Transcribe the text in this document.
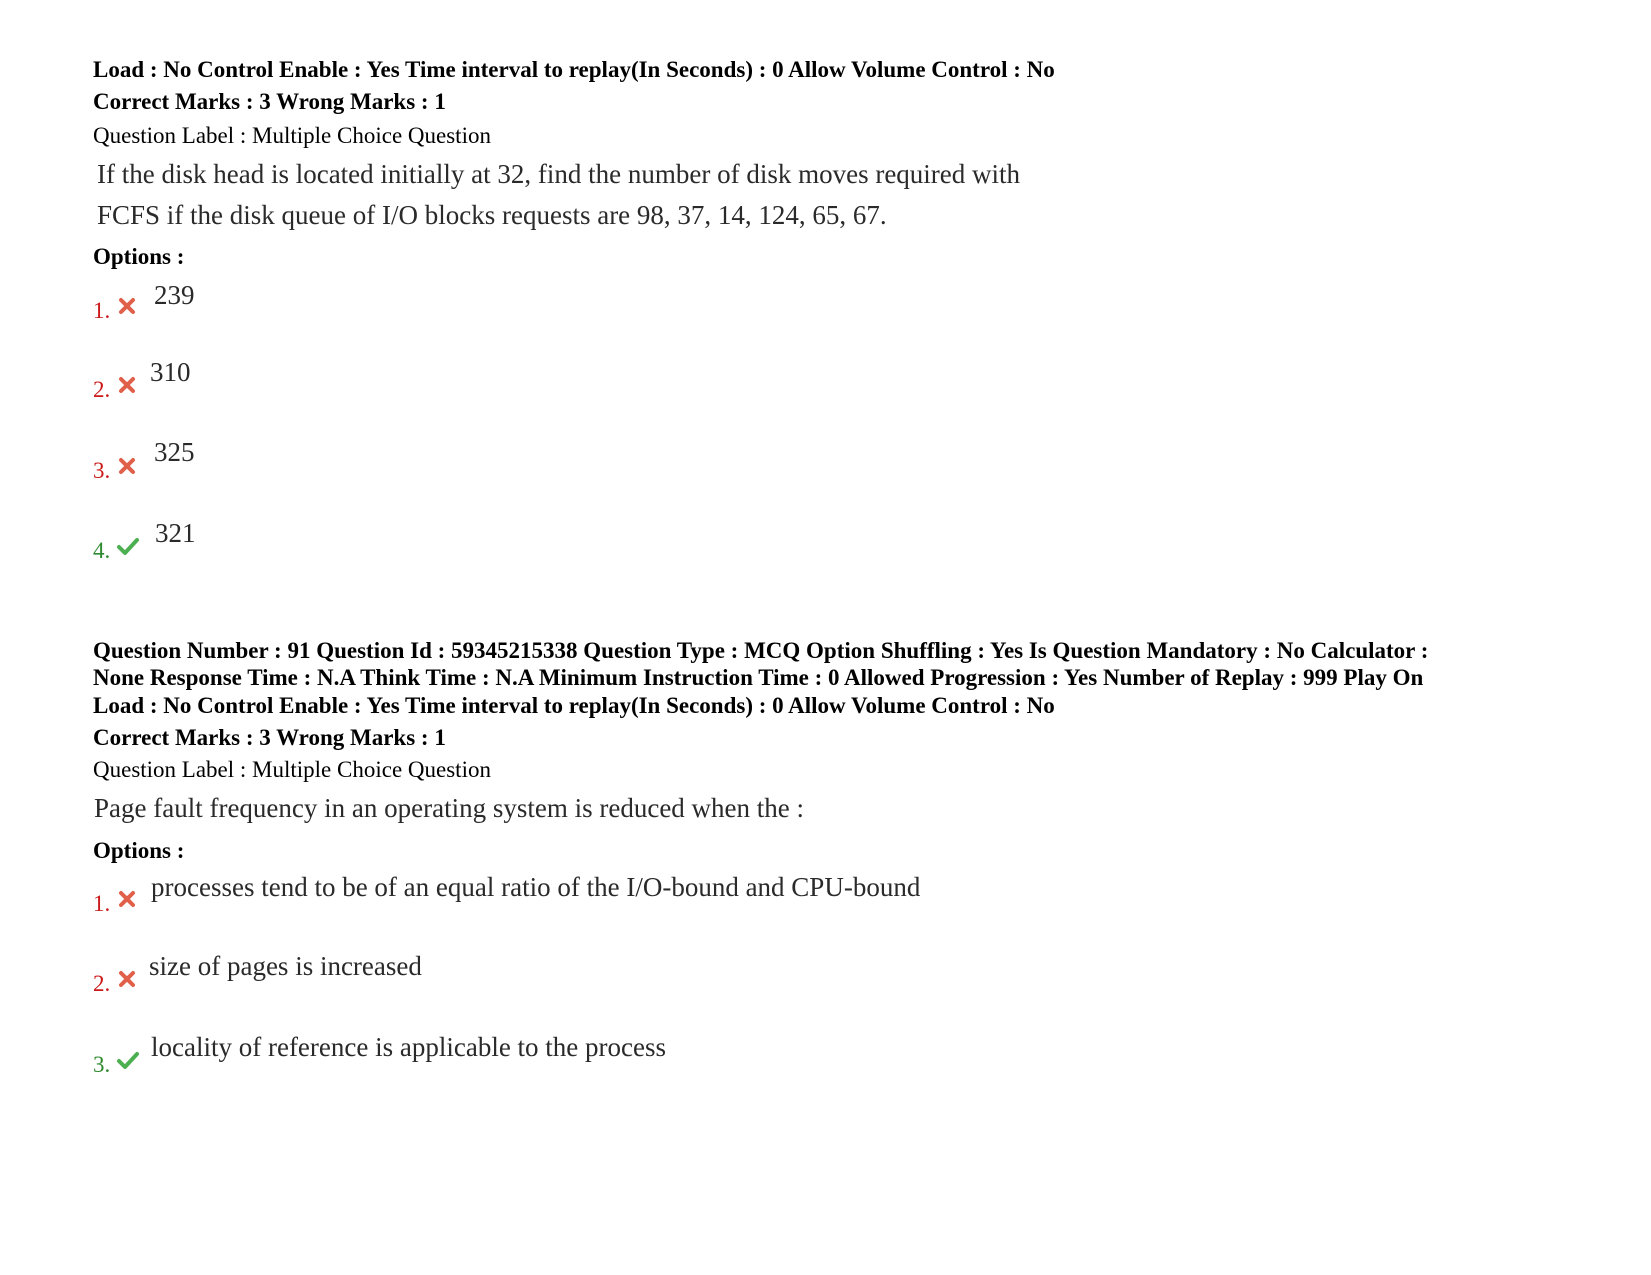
Load : No Control Enable : Yes Time interval to replay(In Seconds) : 0 Allow Volume Control : No
Correct Marks : 3 Wrong Marks : 1
Question Label : Multiple Choice Question
If the disk head is located initially at 32, find the number of disk moves required with
FCFS if the disk queue of I/O blocks requests are 98, 37, 14, 124, 65, 67.
Options :
1.
239
2.
310
3.
325
4.
321
Question Number : 91 Question Id : 59345215338 Question Type : MCQ Option Shuffling : Yes Is Question Mandatory : No Calculator :
None Response Time : N.A Think Time : N.A Minimum Instruction Time : 0 Allowed Progression : Yes Number of Replay : 999 Play On
Load : No Control Enable : Yes Time interval to replay(In Seconds) : 0 Allow Volume Control : No
Correct Marks : 3 Wrong Marks : 1
Question Label : Multiple Choice Question
Page fault frequency in an operating system is reduced when the :
Options :
1.
processes tend to be of an equal ratio of the I/O-bound and CPU-bound
2.
size of pages is increased
3.
locality of reference is applicable to the process
